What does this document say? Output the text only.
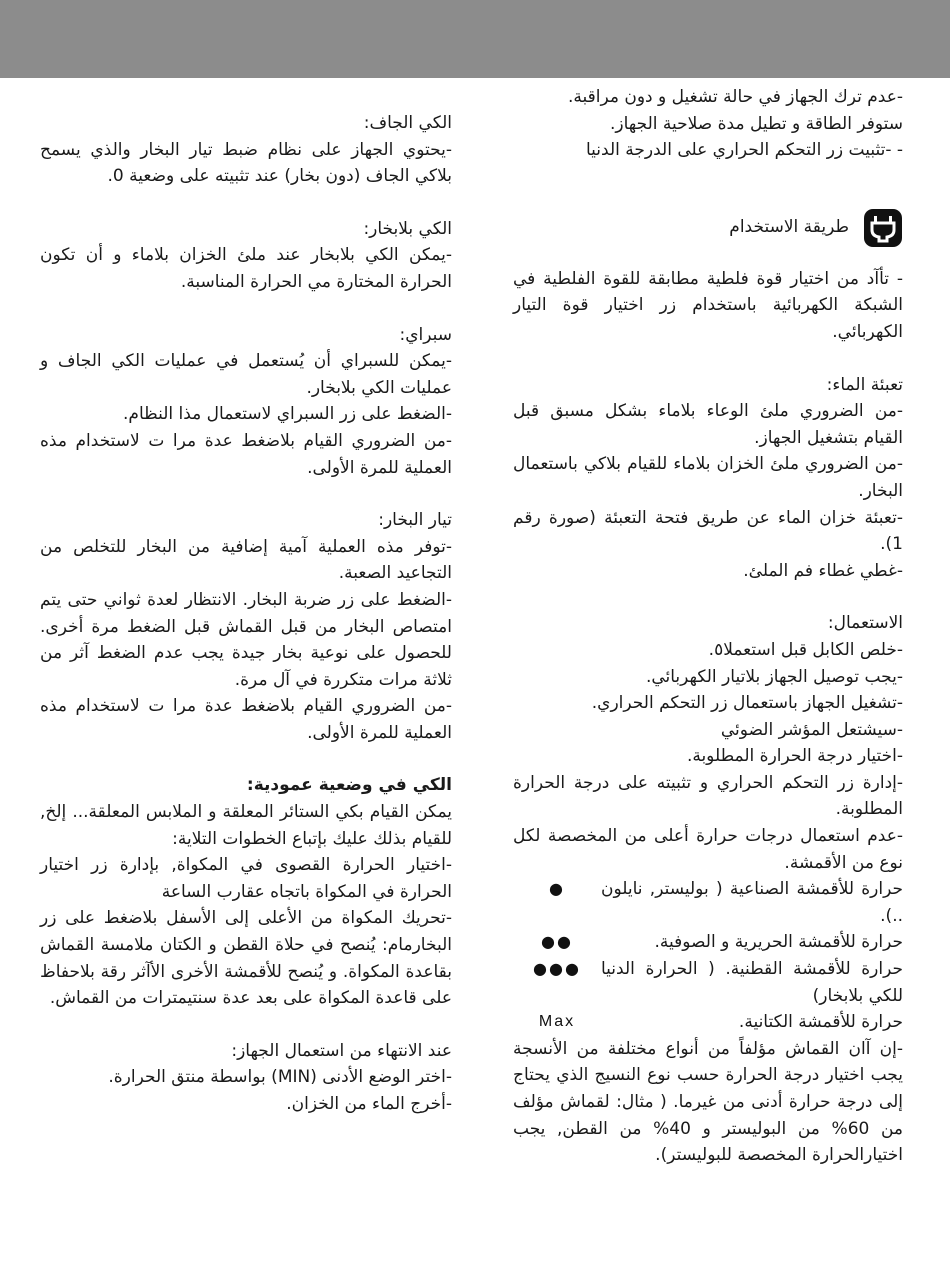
الكي الجاف:
-يحتوي الجهاز على نظام ضبط تيار البخار والذي يسمح بلاكي الجاف (دون بخار) عند تثبيته على وضعية 0.
الكي بلابخار:
-يمكن الكي بلابخار عند ملئ الخزان بلاماء و أن تكون الحرارة المختارة مي الحرارة المناسبة.
سبراي:
-يمكن للسبراي أن يُستعمل في عمليات الكي الجاف و عمليات الكي بلابخار.
-الضغط على زر السبراي لاستعمال مذا النظام.
-من الضروري القيام بلاضغط عدة مرا ت لاستخدام مذه العملية للمرة الأولى.
تيار البخار:
-توفر مذه العملية آمية إضافية من البخار للتخلص من التجاعيد الصعبة.
-الضغط على زر ضربة البخار. الانتظار لعدة ثواني حتى يتم امتصاص البخار من قبل القماش قبل الضغط مرة أخرى. للحصول على نوعية بخار جيدة يجب عدم الضغط آثر من ثلاثة مرات متكررة في آل مرة.
-من الضروري القيام بلاضغط عدة مرا ت لاستخدام مذه العملية للمرة الأولى.
الكي في وضعية عمودية:
يمكن القيام بكي الستائر المعلقة و الملابس المعلقة... إلخ, للقيام بذلك عليك بإتباع الخطوات التلاية:
-اختيار الحرارة القصوى في المكواة, بإدارة زر اختيار الحرارة في المكواة باتجاه عقارب الساعة
-تحريك المكواة من الأعلى إلى الأسفل بلاضغط على زر البخارمام: يُنصح في حلاة القطن و الكتان ملامسة القماش بقاعدة المكواة. و يُنصح للأقمشة الأخرى الأآثر رقة بلاحفاظ على قاعدة المكواة على بعد عدة سنتيمترات من القماش.
عند الانتهاء من استعمال الجهاز:
-اختر الوضع الأدنى (MIN) بواسطة منتق الحرارة.
-أخرج الماء من الخزان.
-عدم ترك الجهاز في حالة تشغيل و دون مراقبة.
ستوفر الطاقة و تطيل مدة صلاحية الجهاز.
- -تثبيت زر التحكم الحراري على الدرجة الدنيا
طريقة الاستخدام
- تأآد من اختيار قوة فلطية مطابقة للقوة الفلطية في الشبكة الكهربائية باستخدام زر اختيار قوة التيار الكهربائي.
تعبئة الماء:
-من الضروري ملئ الوعاء بلاماء بشكل مسبق قبل القيام بتشغيل الجهاز.
-من الضروري ملئ الخزان بلاماء للقيام بلاكي باستعمال البخار.
-تعبئة خزان الماء عن طريق فتحة التعبئة (صورة رقم 1).
-غطي غطاء فم الملئ.
الاستعمال:
-خلص الكابل قبل استعملا٥.
-يجب توصيل الجهاز بلاتيار الكهربائي.
-تشغيل الجهاز باستعمال زر التحكم الحراري.
-سيشتعل المؤشر الضوئي
-اختيار درجة الحرارة المطلوبة.
-إدارة زر التحكم الحراري و تثبيته على درجة الحرارة المطلوبة.
-عدم استعمال درجات حرارة أعلى من المخصصة لكل نوع من الأقمشة.
حرارة للأقمشة الصناعية ( بوليستر, نايلون ..).
●
حرارة للأقمشة الحريرية و الصوفية.
●●
حرارة للأقمشة القطنية. ( الحرارة الدنيا للكي بلابخار)
●●●
حرارة للأقمشة الكتانية.
Max
-إن آان القماش مؤلفاً من أنواع مختلفة من الأنسجة يجب اختيار درجة الحرارة حسب نوع النسيج الذي يحتاج إلى درجة حرارة أدنى من غيرما. ( مثال: لقماش مؤلف من 60% من البوليستر و 40% من القطن, يجب اختيارالحرارة المخصصة للبوليستر).
